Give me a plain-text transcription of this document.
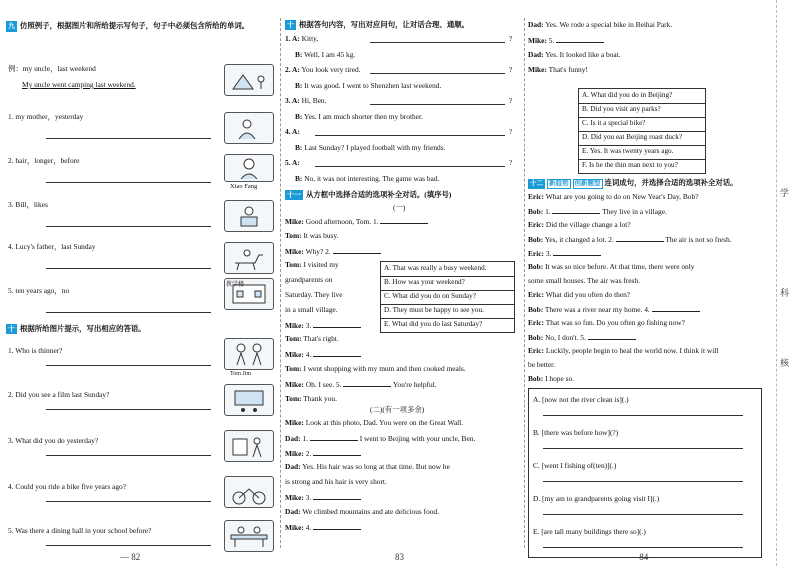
九 仿照例子，根据图片和所给提示写句子，句子中必须包含所给的单词。
例：my uncle，last weekend
My uncle went camping last weekend.
1. my mother，yesterday
2. hair，longer，before
Xiao Fang
3. Bill，likes
4. Lucy's father，last Sunday
5. ten years ago，no
教学楼
十 根据所给图片提示，写出相应的答语。
1. Who is thinner?
Tom Jim
2. Did you see a film last Sunday?
3. What did you do yesterday?
4. Could you ride a bike five years ago?
5. Was there a dining hall in your school before?
— 82
十 根据答句内容，写出对应问句，让对话合理、通顺。
1. A: Kitty,	?
B: Well, I am 45 kg.
2. A: You look very tired.	?
B: It was good. I went to Shenzhen last weekend.
3. A: Hi, Ben.	?
B: Yes. I am much shorter then my brother.
4. A:	?
B: Last Sunday? I played football with my friends.
5. A:	?
B: No, it was not interesting. The game was bad.
十一 从方框中选择合适的选项补全对话。(填序号)
(一)
Mike: Good afternoon, Tom. 1.
Tom: It was busy.
Mike: Why? 2.
Tom: I visited my
grandparents on
Saturday. They live
in a small village.
Mike: 3.
Tom: That's right.
Mike: 4.
Tom: I went shopping with my mum and then cooked meals.
Mike: Oh. I see. 5.	You're helpful.
Tom: Thank you.
A. That was really a busy weekend.
B. How was your weekend?
C. What did you do on Sunday?
D. They must be happy to see you.
E. What did you do last Saturday?
(二)(有一项多余)
Mike: Look at this photo, Dad. You were on the Great Wall.
Dad: 1.	I went to Beijing with your uncle, Ben.
Mike: 2.
Dad: Yes. His hair was so long at that time. But now he
is strong and his hair is very short.
Mike: 3.
Dad: We climbed mountains and ate delicious food.
Mike: 4.
83
Dad: Yes. We rode a special bike in Beihai Park.
Mike: 5.
Dad: Yes. It looked like a boat.
Mike: That's funny!
A. What did you do in Beijing?
B. Did you visit any parks?
C. Is it a special bike?
D. Did you eat Beijing roast duck?
E. Yes. It was twenty years ago.
F. Is he the thin man next to you?
十二 新趋势 创新题型 连词成句，并选择合适的选项补全对话。
Eric: What are you going to do on New Year's Day, Bob?
Bob: 1.	They live in a village.
Eric: Did the village change a lot?
Bob: Yes, it changed a lot. 2.	The air is not so fresh.
Eric: 3.
Bob: It was so nice before. At that time, there were only
some small houses. The air was fresh.
Eric: What did you often do then?
Bob: There was a river near my home. 4.
Eric: That was so fun. Do you often go fishing now?
Bob: No, I don't. 5.
Eric: Luckily, people begin to heal the world now. I think it will
be better.
Bob: I hope so.
A. [now not the river clean is](.)
B. [there was before how](?)
C. [went I fishing of(ten)](.)
D. [my am to grandparents going visit I](.)
E. [are tall many buildings there so](.)
— 84 —
学
科
核
